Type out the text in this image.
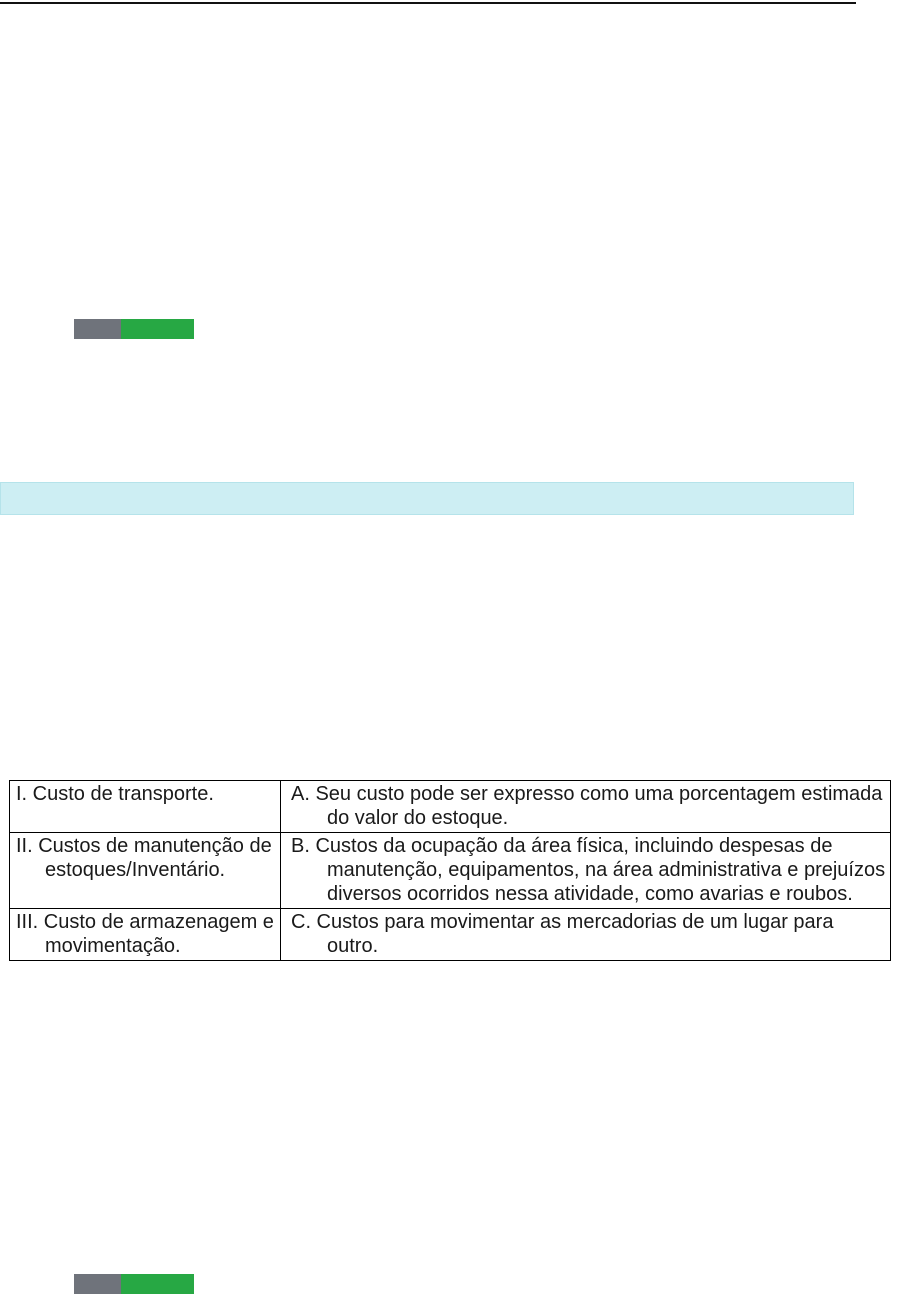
I. Custo de transporte.	A. Seu custo pode ser expresso como uma porcentagem estimada do valor do estoque.

II. Custos de manutenção de estoques/Inventário.	B. Custos da ocupação da área física, incluindo despesas de manutenção, equipamentos, na área administrativa e prejuízos diversos ocorridos nessa atividade, como avarias e roubos.

III. Custo de armazenagem e movimentação.	C. Custos para movimentar as mercadorias de um lugar para outro.
